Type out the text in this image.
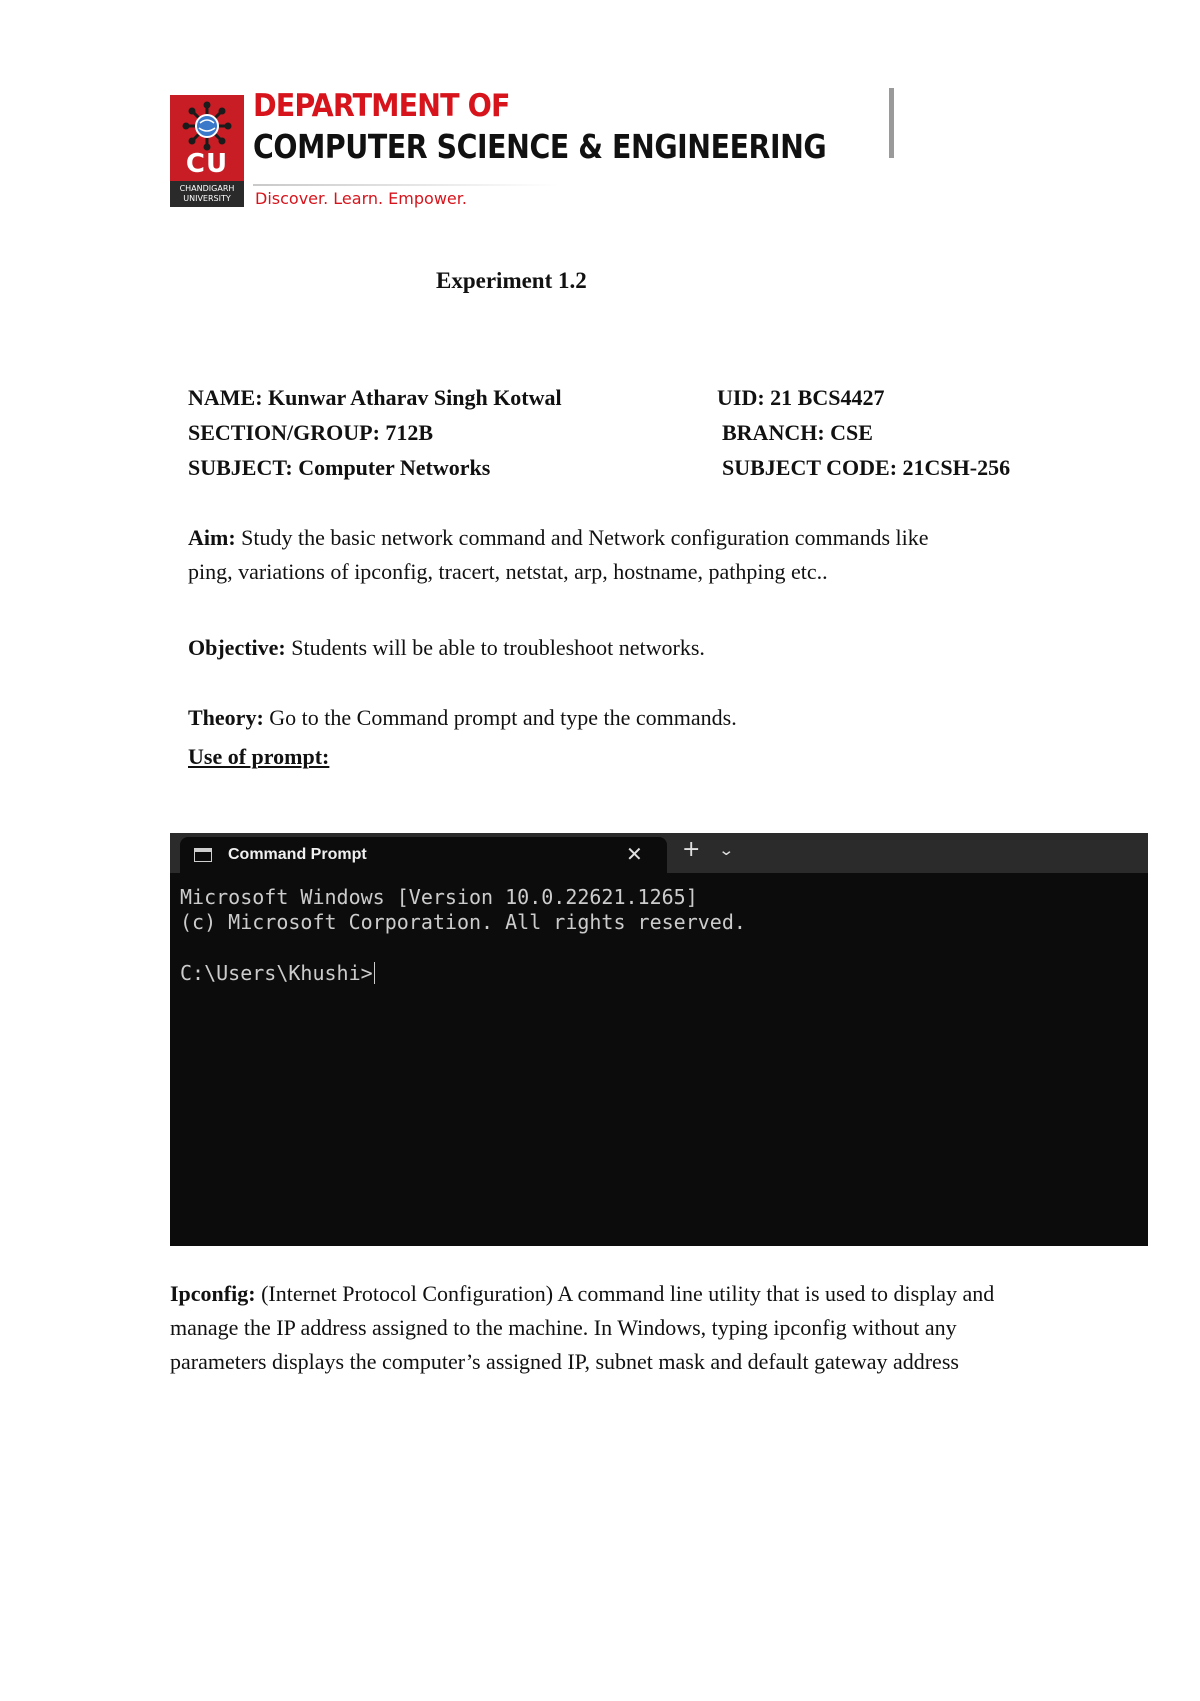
CU
CHANDIGARH
UNIVERSITY
DEPARTMENT OF
COMPUTER SCIENCE & ENGINEERING
Discover. Learn. Empower.
Experiment 1.2
NAME: Kunwar Atharav Singh Kotwal	UID: 21 BCS4427
SECTION/GROUP: 712B	BRANCH: CSE
SUBJECT: Computer Networks	SUBJECT CODE: 21CSH-256
Aim: Study the basic network command and Network configuration commands like
ping, variations of ipconfig, tracert, netstat, arp, hostname, pathping etc..
Objective: Students will be able to troubleshoot networks.
Theory: Go to the Command prompt and type the commands.
Use of prompt:
Command Prompt	✕ + ⌄
Microsoft Windows [Version 10.0.22621.1265]
(c) Microsoft Corporation. All rights reserved.
C:\Users\Khushi>
Ipconfig: (Internet Protocol Configuration) A command line utility that is used to display and
manage the IP address assigned to the machine. In Windows, typing ipconfig without any
parameters displays the computer’s assigned IP, subnet mask and default gateway address
